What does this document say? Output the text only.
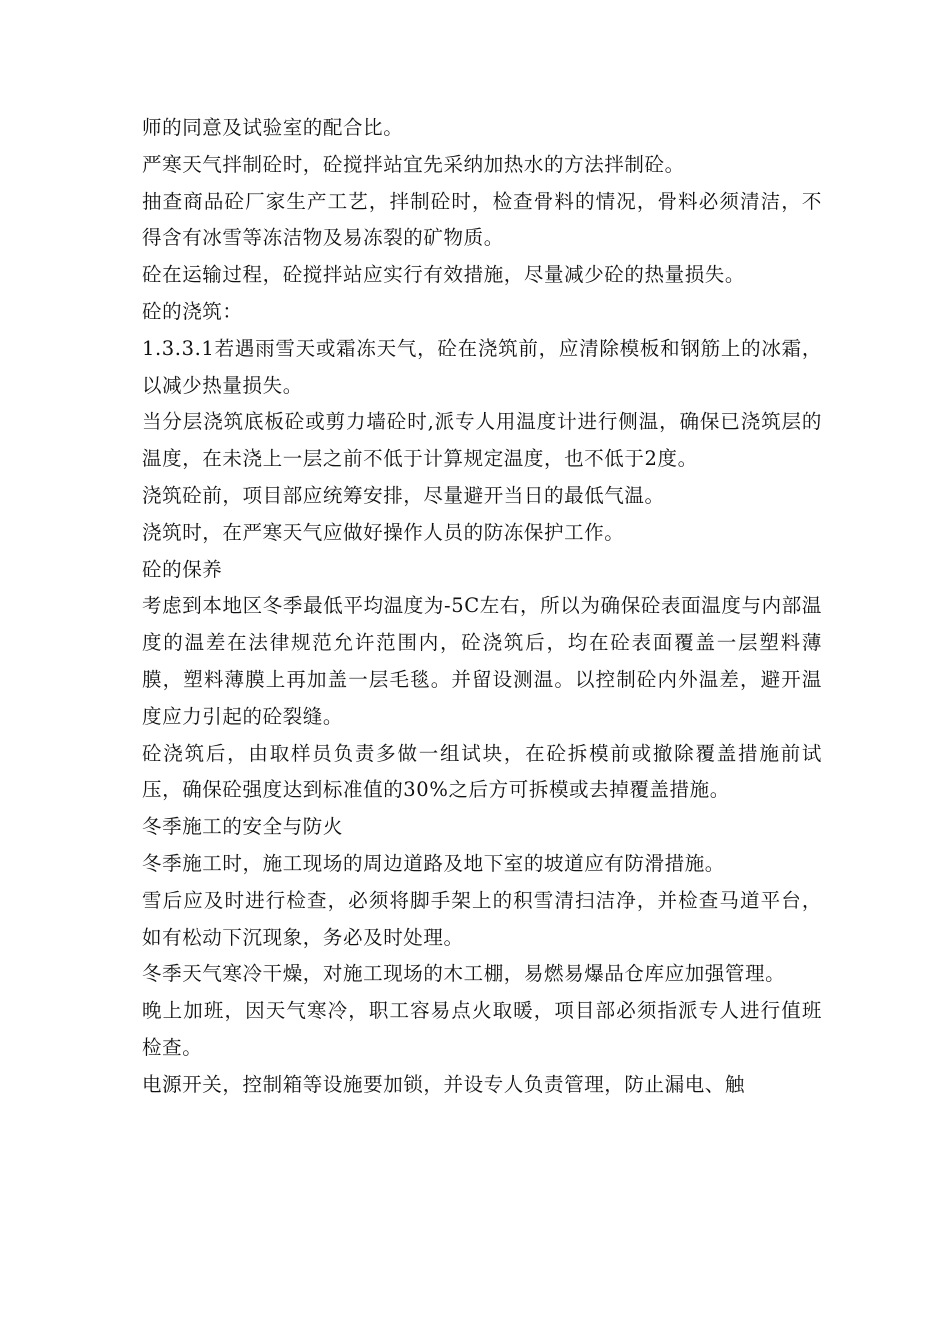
师的同意及试验室的配合比。

严寒天气拌制砼时，砼搅拌站宜先采纳加热水的方法拌制砼。

抽查商品砼厂家生产工艺，拌制砼时，检查骨料的情况，骨料必须清洁，不得含有冰雪等冻洁物及易冻裂的矿物质。

砼在运输过程，砼搅拌站应实行有效措施，尽量减少砼的热量损失。

砼的浇筑：

1.3.3.1若遇雨雪天或霜冻天气，砼在浇筑前，应清除模板和钢筋上的冰霜，以减少热量损失。

当分层浇筑底板砼或剪力墙砼时,派专人用温度计进行侧温，确保已浇筑层的温度，在未浇上一层之前不低于计算规定温度，也不低于2度。

浇筑砼前，项目部应统筹安排，尽量避开当日的最低气温。

浇筑时，在严寒天气应做好操作人员的防冻保护工作。

砼的保养

考虑到本地区冬季最低平均温度为-5C左右，所以为确保砼表面温度与内部温度的温差在法律规范允许范围内，砼浇筑后，均在砼表面覆盖一层塑料薄膜，塑料薄膜上再加盖一层毛毯。并留设测温。以控制砼内外温差，避开温度应力引起的砼裂缝。

砼浇筑后，由取样员负责多做一组试块，在砼拆模前或撤除覆盖措施前试压，确保砼强度达到标准值的30%之后方可拆模或去掉覆盖措施。

冬季施工的安全与防火

冬季施工时，施工现场的周边道路及地下室的坡道应有防滑措施。

雪后应及时进行检查，必须将脚手架上的积雪清扫洁净，并检查马道平台，如有松动下沉现象，务必及时处理。

冬季天气寒冷干燥，对施工现场的木工棚，易燃易爆品仓库应加强管理。

晚上加班，因天气寒冷，职工容易点火取暖，项目部必须指派专人进行值班检查。

电源开关，控制箱等设施要加锁，并设专人负责管理，防止漏电、触
